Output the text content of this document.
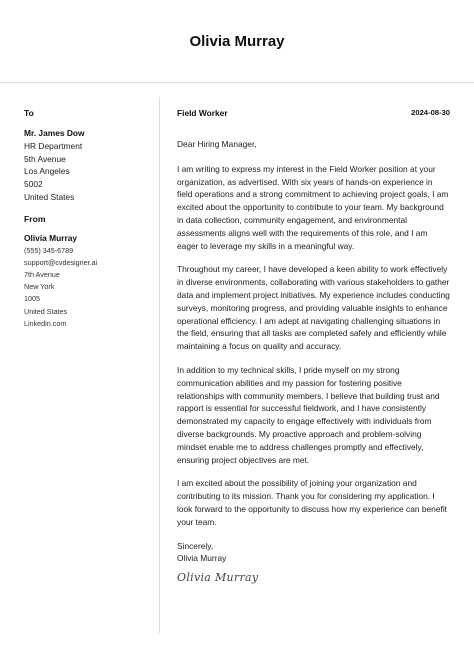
Olivia Murray
To
Mr. James Dow
HR Department
5th Avenue
Los Angeles
5002
United States
From
Olivia Murray
(555) 345-6789
support@cvdesigner.ai
7th Avenue
New York
1005
United States
Linkedin.com
Field Worker	2024-08-30
Dear Hiring Manager,
I am writing to express my interest in the Field Worker position at your organization, as advertised. With six years of hands-on experience in field operations and a strong commitment to achieving project goals, I am excited about the opportunity to contribute to your team. My background in data collection, community engagement, and environmental assessments aligns well with the requirements of this role, and I am eager to leverage my skills in a meaningful way.
Throughout my career, I have developed a keen ability to work effectively in diverse environments, collaborating with various stakeholders to gather data and implement project initiatives. My experience includes conducting surveys, monitoring progress, and providing valuable insights to enhance operational efficiency. I am adept at navigating challenging situations in the field, ensuring that all tasks are completed safely and efficiently while maintaining a focus on quality and accuracy.
In addition to my technical skills, I pride myself on my strong communication abilities and my passion for fostering positive relationships with community members. I believe that building trust and rapport is essential for successful fieldwork, and I have consistently demonstrated my capacity to engage effectively with individuals from diverse backgrounds. My proactive approach and problem-solving mindset enable me to address challenges promptly and effectively, ensuring project objectives are met.
I am excited about the possibility of joining your organization and contributing to its mission. Thank you for considering my application. I look forward to the opportunity to discuss how my experience can benefit your team.
Sincerely,
Olivia Murray
Olivia Murray
